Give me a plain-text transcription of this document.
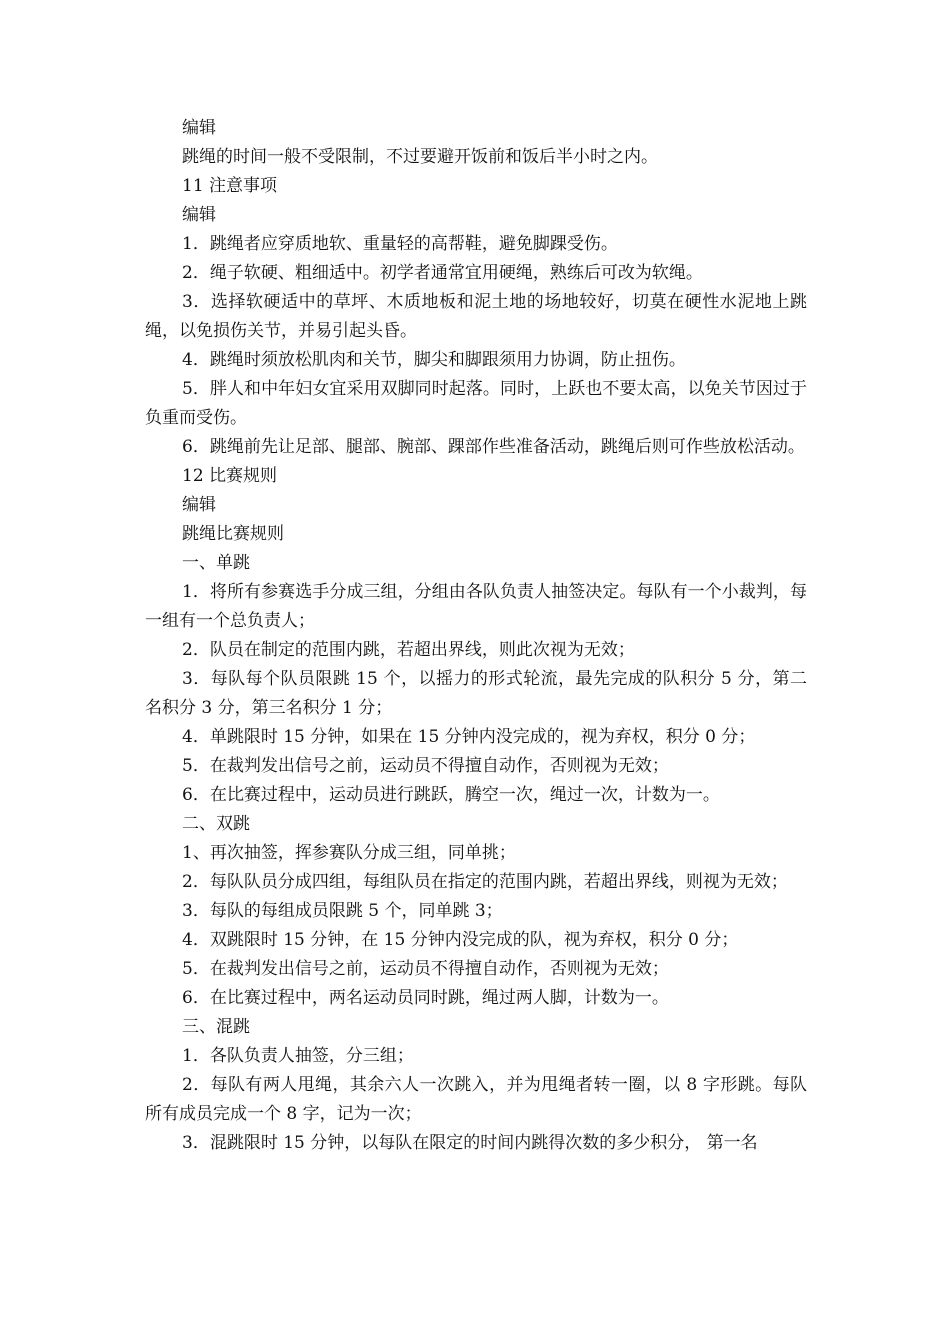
编辑

跳绳的时间一般不受限制，不过要避开饭前和饭后半小时之内。

11 注意事项

编辑

1．跳绳者应穿质地软、重量轻的高帮鞋，避免脚踝受伤。

2．绳子软硬、粗细适中。初学者通常宜用硬绳，熟练后可改为软绳。

3．选择软硬适中的草坪、木质地板和泥土地的场地较好，切莫在硬性水泥地上跳绳，以免损伤关节，并易引起头昏。

4．跳绳时须放松肌肉和关节，脚尖和脚跟须用力协调，防止扭伤。

5．胖人和中年妇女宜采用双脚同时起落。同时，上跃也不要太高，以免关节因过于负重而受伤。

6．跳绳前先让足部、腿部、腕部、踝部作些准备活动，跳绳后则可作些放松活动。

12 比赛规则

编辑

跳绳比赛规则

一、单跳

1．将所有参赛选手分成三组，分组由各队负责人抽签决定。每队有一个小裁判，每一组有一个总负责人；

2．队员在制定的范围内跳，若超出界线，则此次视为无效；

3．每队每个队员限跳 15 个，以摇力的形式轮流，最先完成的队积分 5 分，第二名积分 3 分，第三名积分 1 分；

4．单跳限时 15 分钟，如果在 15 分钟内没完成的，视为弃权，积分 0 分；

5．在裁判发出信号之前，运动员不得擅自动作，否则视为无效；

6．在比赛过程中，运动员进行跳跃，腾空一次，绳过一次，计数为一。

二、双跳

1、再次抽签，挥参赛队分成三组，同单挑；

2．每队队员分成四组，每组队员在指定的范围内跳，若超出界线，则视为无效；

3．每队的每组成员限跳 5 个，同单跳 3；

4．双跳限时 15 分钟，在 15 分钟内没完成的队，视为弃权，积分 0 分；

5．在裁判发出信号之前，运动员不得擅自动作，否则视为无效；

6．在比赛过程中，两名运动员同时跳，绳过两人脚，计数为一。

三、混跳

1．各队负责人抽签，分三组；

2．每队有两人甩绳，其余六人一次跳入，并为甩绳者转一圈，以 8 字形跳。每队所有成员完成一个 8 字，记为一次；

3．混跳限时 15 分钟，以每队在限定的时间内跳得次数的多少积分， 第一名
